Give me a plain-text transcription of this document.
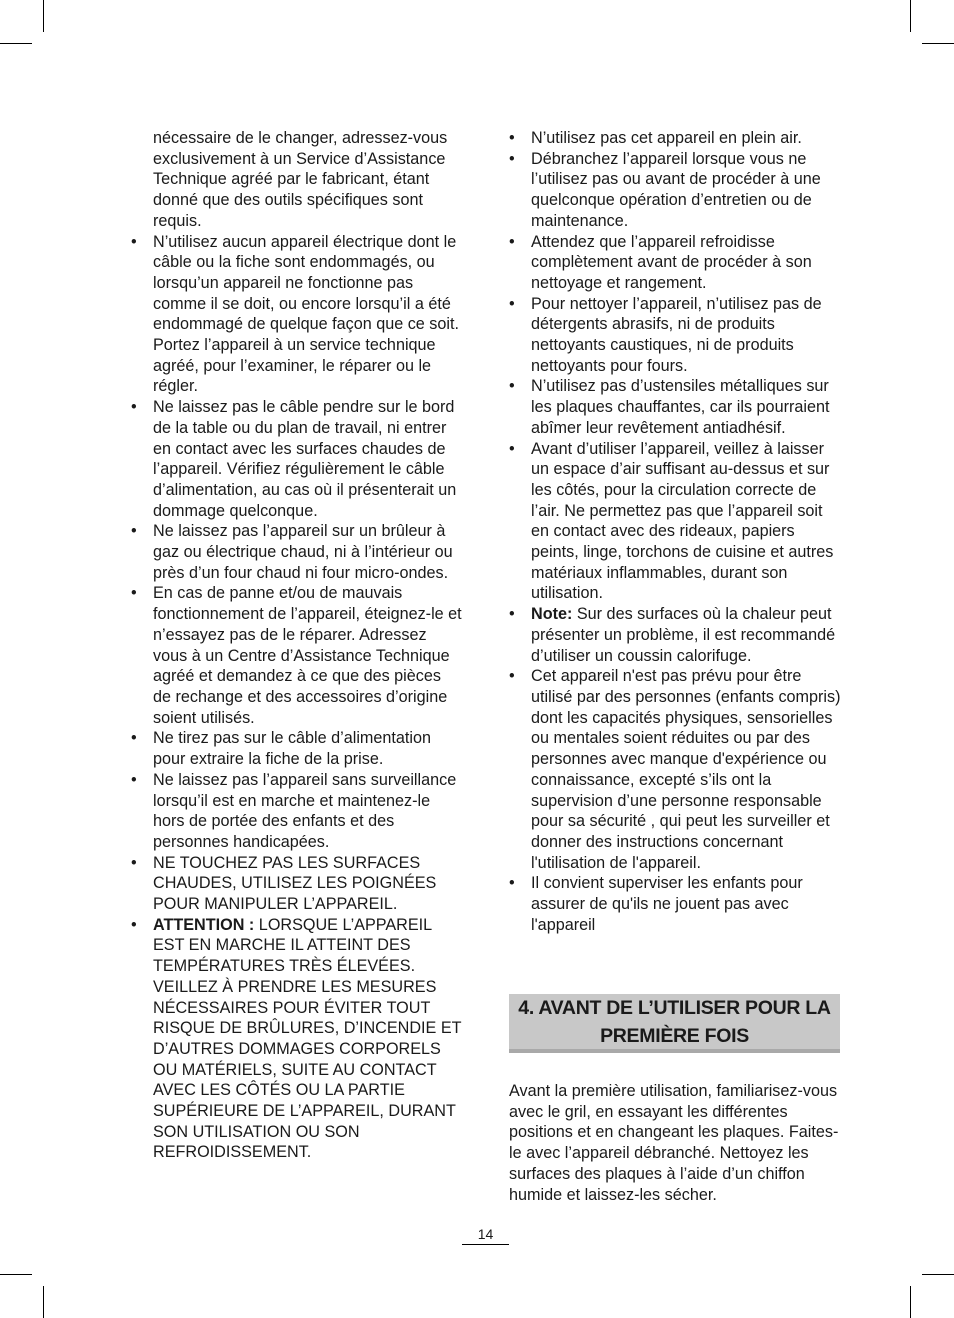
nécessaire de le changer, adressez-vous exclusivement à un Service d’Assistance Technique agréé par le fabricant, étant donné que des outils spécifiques sont requis.

• N’utilisez aucun appareil électrique dont le câble ou la fiche sont endommagés, ou lorsqu’un appareil ne fonctionne pas comme il se doit, ou encore lorsqu’il a été endommagé de quelque façon que ce soit. Portez l’appareil à un service technique agréé, pour l’examiner, le réparer ou le régler.
• Ne laissez pas le câble pendre sur le bord de la table ou du plan de travail, ni entrer en contact avec les surfaces chaudes de l’appareil. Vérifiez régulièrement le câble d’alimentation, au cas où il présenterait un dommage quelconque.
• Ne laissez pas l’appareil sur un brûleur à gaz ou électrique chaud, ni à l’intérieur ou près d’un four chaud ni four micro-ondes.
• En cas de panne et/ou de mauvais fonctionnement de l’appareil, éteignez-le et n’essayez pas de le réparer. Adressez vous à un Centre d’Assistance Technique agréé et demandez à ce que des pièces de rechange et des accessoires d’origine soient utilisés.
• Ne tirez pas sur le câble d’alimentation pour extraire la fiche de la prise.
• Ne laissez pas l’appareil sans surveillance lorsqu’il est en marche et maintenez-le hors de portée des enfants et des personnes handicapées.
• NE TOUCHEZ PAS LES SURFACES CHAUDES, UTILISEZ LES POIGNÉES POUR MANIPULER L’APPAREIL.
• ATTENTION : LORSQUE L’APPAREIL EST EN MARCHE IL ATTEINT DES TEMPÉRATURES TRÈS ÉLEVÉES. VEILLEZ À PRENDRE LES MESURES NÉCESSAIRES POUR ÉVITER TOUT RISQUE DE BRÛLURES, D’INCENDIE ET D’AUTRES DOMMAGES CORPORELS OU MATÉRIELS, SUITE AU CONTACT AVEC LES CÔTÉS OU LA PARTIE SUPÉRIEURE DE L’APPAREIL, DURANT SON UTILISATION OU SON REFROIDISSEMENT.
• N’utilisez pas cet appareil en plein air.
• Débranchez l’appareil lorsque vous ne l’utilisez pas ou avant de procéder à une quelconque opération d’entretien ou de maintenance.
• Attendez que l’appareil refroidisse complètement avant de procéder à son nettoyage et rangement.
• Pour nettoyer l’appareil, n’utilisez pas de détergents abrasifs, ni de produits nettoyants caustiques, ni de produits nettoyants pour fours.
• N’utilisez pas d’ustensiles métalliques sur les plaques chauffantes, car ils pourraient abîmer leur revêtement antiadhésif.
• Avant d’utiliser l’appareil, veillez à laisser un espace d’air suffisant au-dessus et sur les côtés, pour la circulation correcte de l’air. Ne permettez pas que l’appareil soit en contact avec des rideaux, papiers peints, linge, torchons de cuisine et autres matériaux inflammables, durant son utilisation.
• Note: Sur des surfaces où la chaleur peut présenter un problème, il est recommandé d’utiliser un coussin calorifuge.
• Cet appareil n'est pas prévu pour être utilisé par des personnes (enfants compris) dont les capacités physiques, sensorielles ou mentales soient réduites ou par des personnes avec manque d'expérience ou connaissance, excepté s’ils ont la supervision d’une personne responsable pour sa sécurité , qui peut les surveiller et donner des instructions concernant l'utilisation de l'appareil.
• Il convient superviser les enfants pour assurer de qu'ils ne jouent pas avec l'appareil
4. AVANT DE L’UTILISER POUR LA
PREMIÈRE FOIS

Avant la première utilisation, familiarisez-vous avec le gril, en essayant les différentes positions et en changeant les plaques. Faites-le avec l’appareil débranché. Nettoyez les surfaces des plaques à l’aide d’un chiffon humide et laissez-les sécher.

14
